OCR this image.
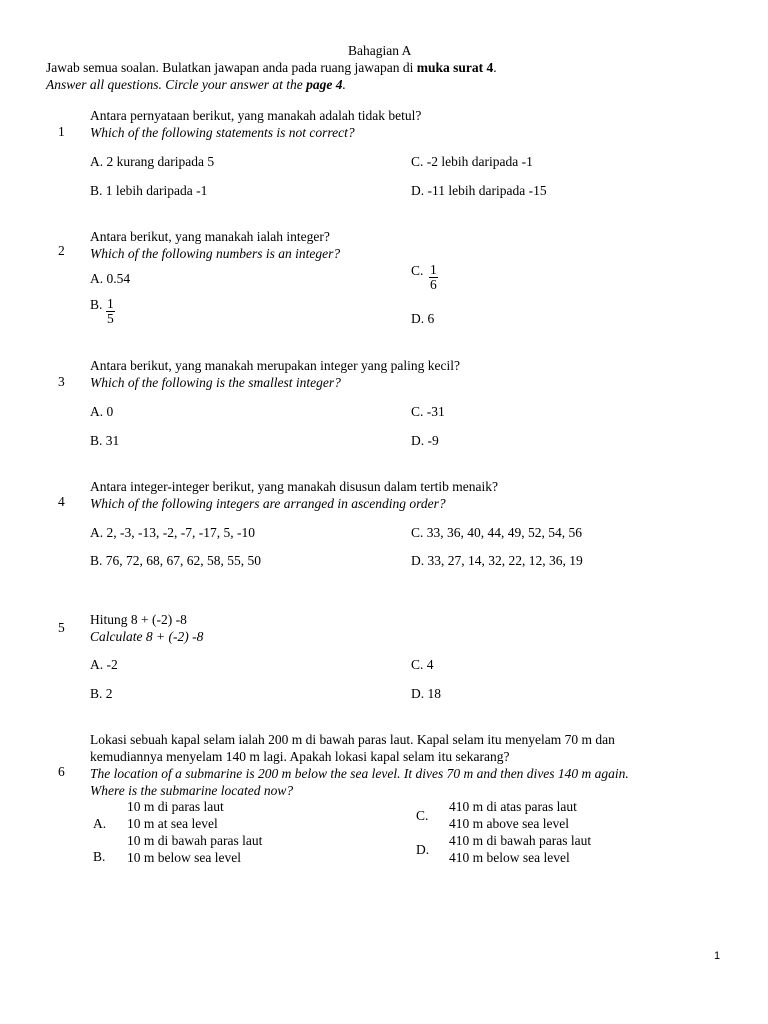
Bahagian A
Jawab semua soalan. Bulatkan jawapan anda pada ruang jawapan di muka surat 4.
Answer all questions. Circle your answer at the page 4.
1
Antara pernyataan berikut, yang manakah adalah tidak betul?
Which of the following statements is not correct?
A. 2 kurang daripada 5
B. 1 lebih daripada -1
C. -2 lebih daripada -1
D. -11 lebih daripada -15
2
Antara berikut, yang manakah ialah integer?
Which of the following numbers is an integer?
A. 0.54
B. $\frac{1}{5}$
C. $\frac{1}{6}$
D. 6
3
Antara berikut, yang manakah merupakan integer yang paling kecil?
Which of the following is the smallest integer?
A. 0
B. 31
C. -31
D. -9
4
Antara integer-integer berikut, yang manakah disusun dalam tertib menaik?
Which of the following integers are arranged in ascending order?
A. 2, -3, -13, -2, -7, -17, 5, -10
B. 76, 72, 68, 67, 62, 58, 55, 50
C. 33, 36, 40, 44, 49, 52, 54, 56
D. 33, 27, 14, 32, 22, 12, 36, 19
5
Hitung 8 + (-2) -8
Calculate 8 + (-2) -8
A. -2
B. 2
C. 4
D. 18
6
Lokasi sebuah kapal selam ialah 200 m di bawah paras laut. Kapal selam itu menyelam 70 m dan
kemudiannya menyelam 140 m lagi. Apakah lokasi kapal selam itu sekarang?
The location of a submarine is 200 m below the sea level. It dives 70 m and then dives 140 m again.
Where is the submarine located now?
A.
10 m di paras laut
10 m at sea level
B.
10 m di bawah paras laut
10 m below sea level
C.
410 m di atas paras laut
410 m above sea level
D.
410 m di bawah paras laut
410 m below sea level
1
